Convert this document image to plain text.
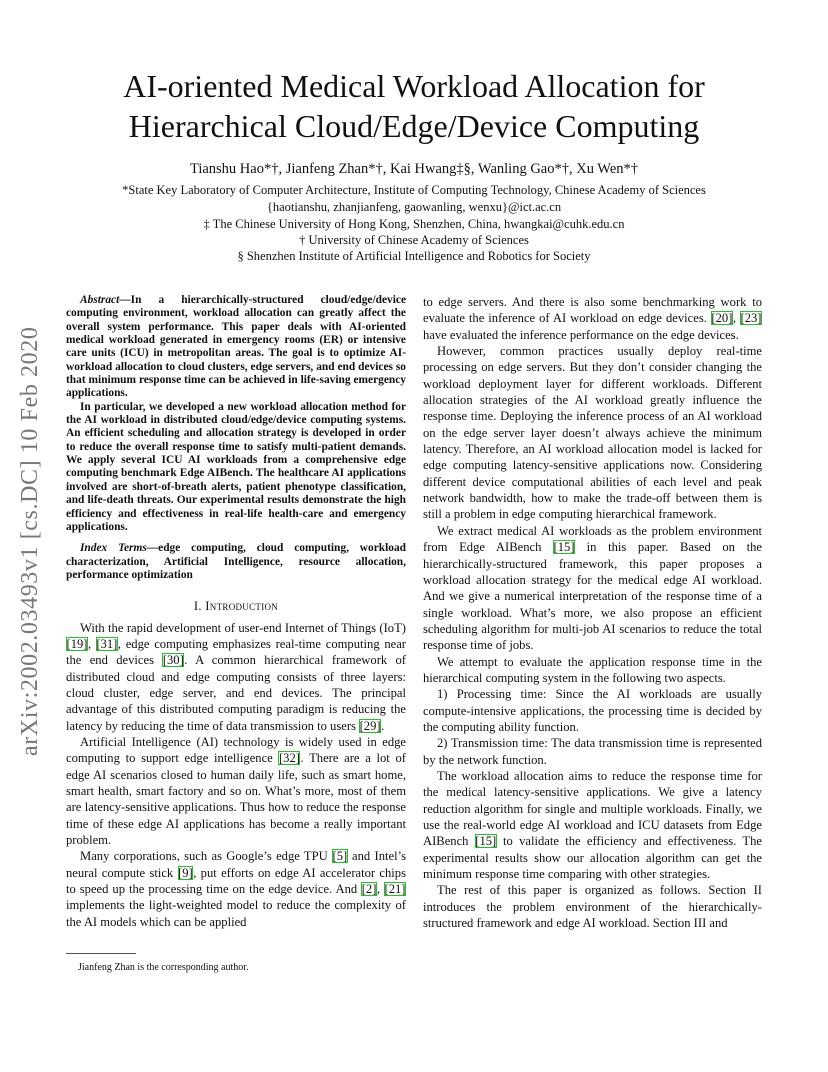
arXiv:2002.03493v1 [cs.DC] 10 Feb 2020
AI-oriented Medical Workload Allocation for
Hierarchical Cloud/Edge/Device Computing
Tianshu Hao*†, Jianfeng Zhan*†, Kai Hwang‡§, Wanling Gao*†, Xu Wen*†
*State Key Laboratory of Computer Architecture, Institute of Computing Technology, Chinese Academy of Sciences
{haotianshu, zhanjianfeng, gaowanling, wenxu}@ict.ac.cn
‡ The Chinese University of Hong Kong, Shenzhen, China, hwangkai@cuhk.edu.cn
† University of Chinese Academy of Sciences
§ Shenzhen Institute of Artificial Intelligence and Robotics for Society

Abstract—In a hierarchically-structured cloud/edge/device computing environment, workload allocation can greatly affect the overall system performance. This paper deals with AI-oriented medical workload generated in emergency rooms (ER) or intensive care units (ICU) in metropolitan areas. The goal is to optimize AI-workload allocation to cloud clusters, edge servers, and end devices so that minimum response time can be achieved in life-saving emergency applications.

In particular, we developed a new workload allocation method for the AI workload in distributed cloud/edge/device computing systems. An efficient scheduling and allocation strategy is developed in order to reduce the overall response time to satisfy multi-patient demands. We apply several ICU AI workloads from a comprehensive edge computing benchmark Edge AIBench. The healthcare AI applications involved are short-of-breath alerts, patient phenotype classification, and life-death threats. Our experimental results demonstrate the high efficiency and effectiveness in real-life health-care and emergency applications.

Index Terms—edge computing, cloud computing, workload characterization, Artificial Intelligence, resource allocation, performance optimization

I. Introduction

With the rapid development of user-end Internet of Things (IoT) [19], [31], edge computing emphasizes real-time computing near the end devices [30]. A common hierarchical framework of distributed cloud and edge computing consists of three layers: cloud cluster, edge server, and end devices. The principal advantage of this distributed computing paradigm is reducing the latency by reducing the time of data transmission to users [29].

Artificial Intelligence (AI) technology is widely used in edge computing to support edge intelligence [32]. There are a lot of edge AI scenarios closed to human daily life, such as smart home, smart health, smart factory and so on. What’s more, most of them are latency-sensitive applications. Thus how to reduce the response time of these edge AI applications has become a really important problem.

Many corporations, such as Google’s edge TPU [5] and Intel’s neural compute stick [9], put efforts on edge AI accelerator chips to speed up the processing time on the edge device. And [2], [21] implements the light-weighted model to reduce the complexity of the AI models which can be applied

to edge servers. And there is also some benchmarking work to evaluate the inference of AI workload on edge devices. [20], [23] have evaluated the inference performance on the edge devices.

However, common practices usually deploy real-time processing on edge servers. But they don’t consider changing the workload deployment layer for different workloads. Different allocation strategies of the AI workload greatly influence the response time. Deploying the inference process of an AI workload on the edge server layer doesn’t always achieve the minimum latency. Therefore, an AI workload allocation model is lacked for edge computing latency-sensitive applications now. Considering different device computational abilities of each level and peak network bandwidth, how to make the trade-off between them is still a problem in edge computing hierarchical framework.

We extract medical AI workloads as the problem environment from Edge AIBench [15] in this paper. Based on the hierarchically-structured framework, this paper proposes a workload allocation strategy for the medical edge AI workload. And we give a numerical interpretation of the response time of a single workload. What’s more, we also propose an efficient scheduling algorithm for multi-job AI scenarios to reduce the total response time of jobs.

We attempt to evaluate the application response time in the hierarchical computing system in the following two aspects.

1) Processing time: Since the AI workloads are usually compute-intensive applications, the processing time is decided by the computing ability function.

2) Transmission time: The data transmission time is represented by the network function.

The workload allocation aims to reduce the response time for the medical latency-sensitive applications. We give a latency reduction algorithm for single and multiple workloads. Finally, we use the real-world edge AI workload and ICU datasets from Edge AIBench [15] to validate the efficiency and effectiveness. The experimental results show our allocation algorithm can get the minimum response time comparing with other strategies.

The rest of this paper is organized as follows. Section II introduces the problem environment of the hierarchically-structured framework and edge AI workload. Section III and

Jianfeng Zhan is the corresponding author.
